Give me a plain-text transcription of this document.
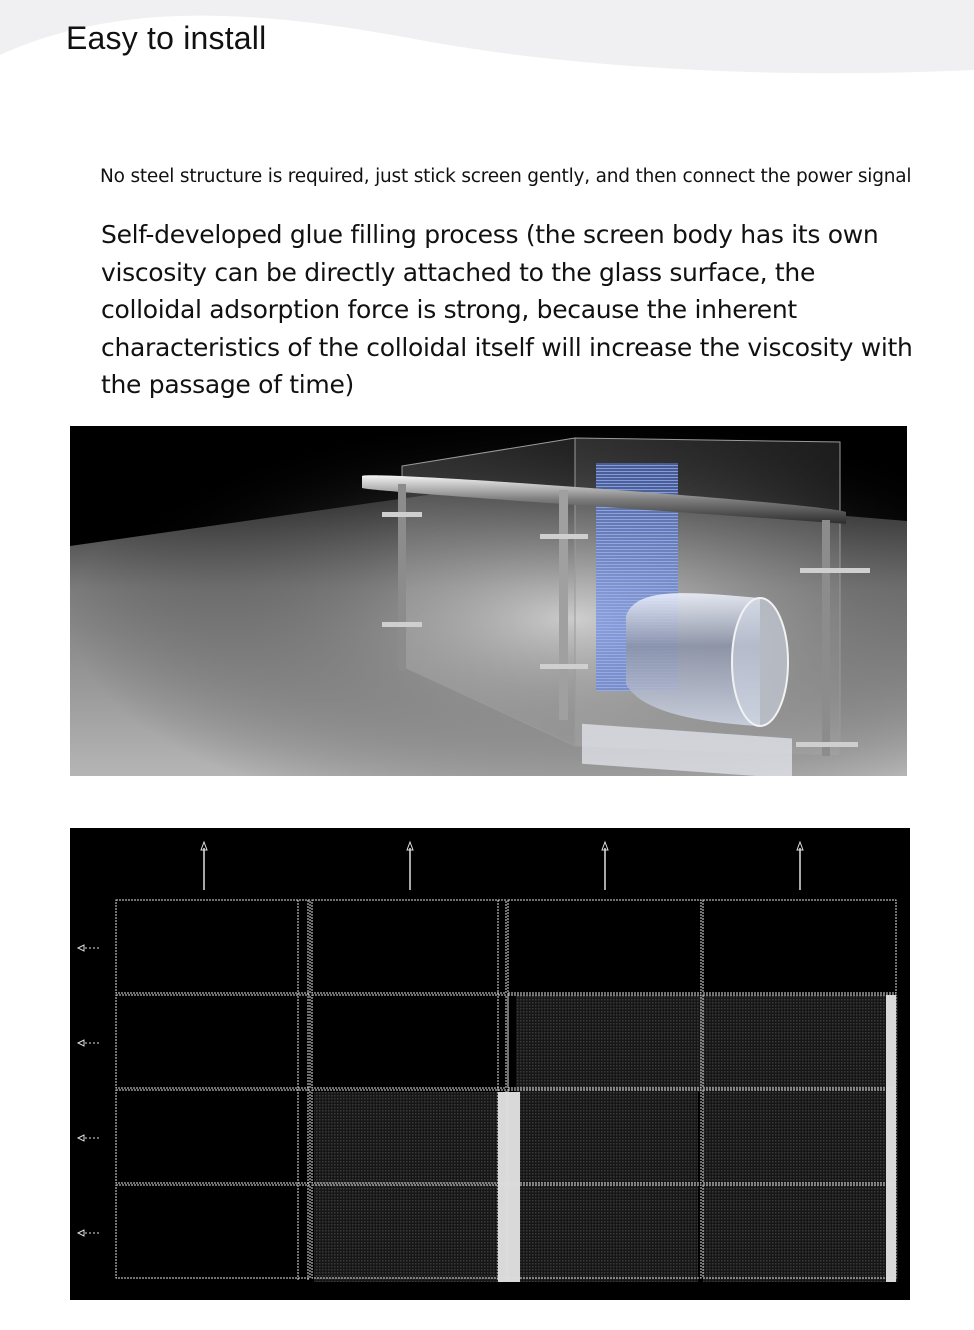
Easy to install
No steel structure is required, just stick screen gently, and then connect the power signal
Self-developed glue filling process (the screen body has its own viscosity can be directly attached to the glass surface, the colloidal adsorption force is strong, because the inherent characteristics of the colloidal itself will increase the viscosity with the passage of time)
